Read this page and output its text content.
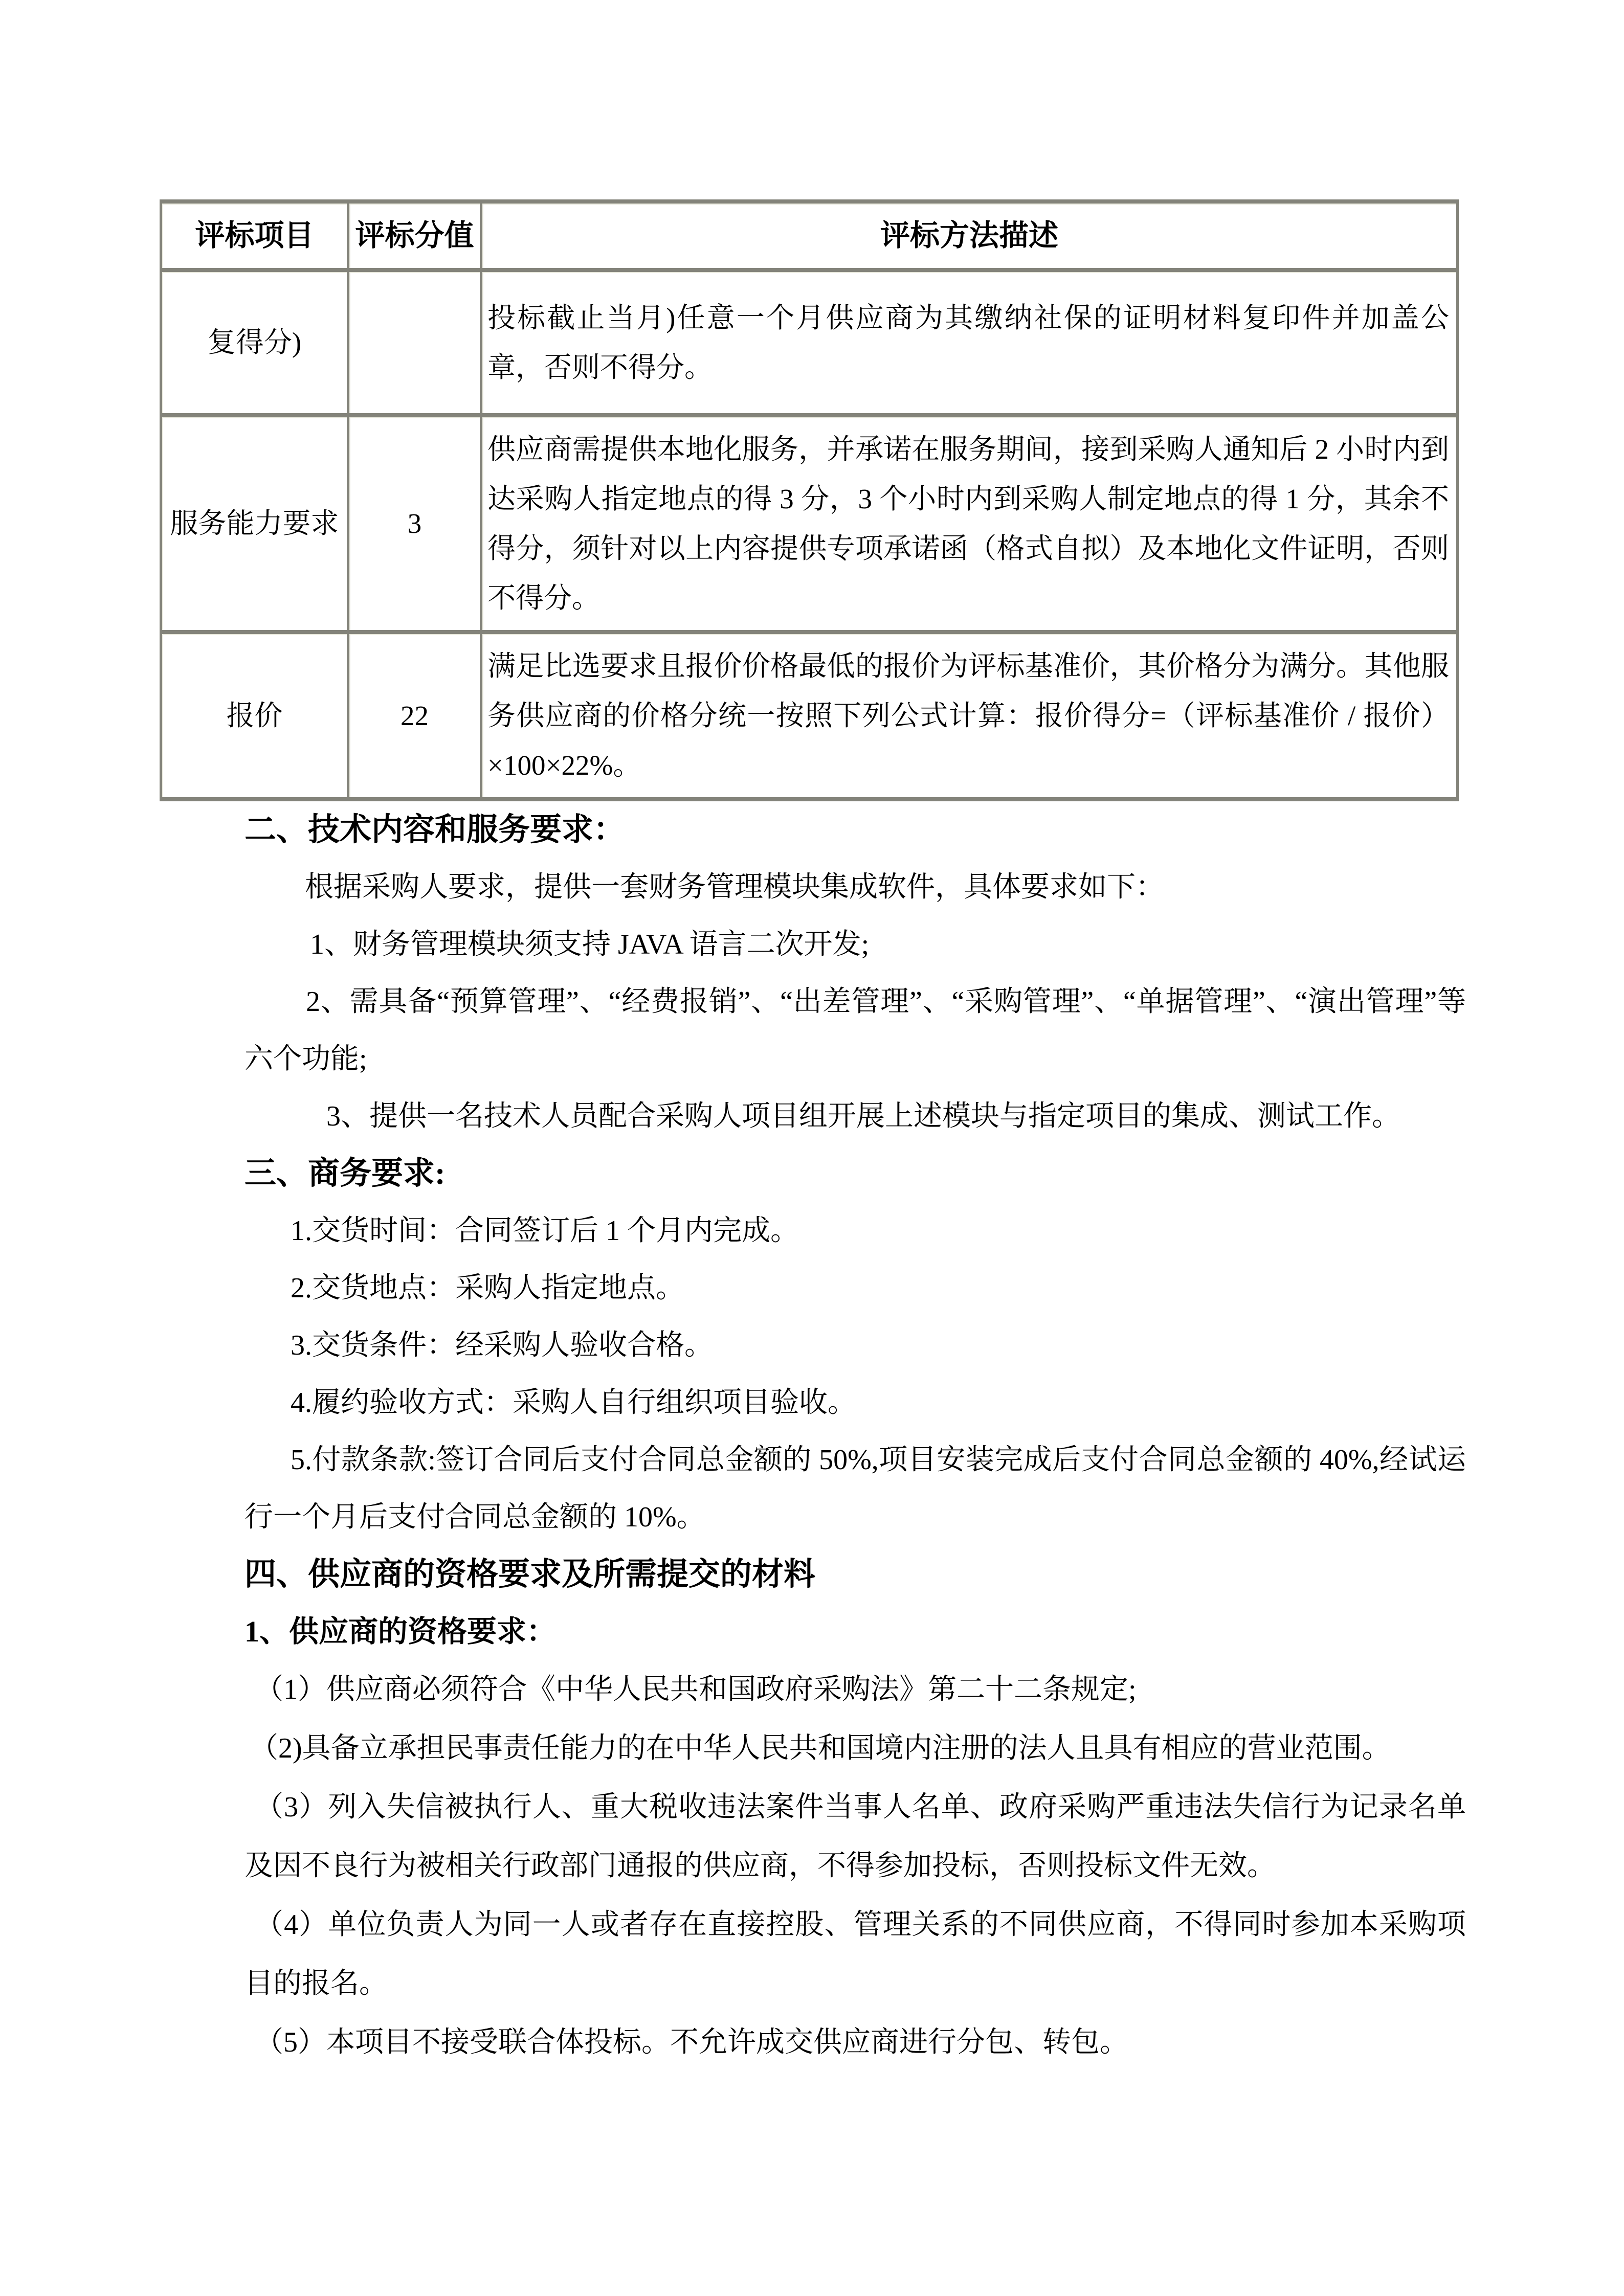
评标项目	评标分值	评标方法描述
复得分)		投标截止当月)任意一个月供应商为其缴纳社保的证明材料复印件并加盖公章，否则不得分。
服务能力要求	3	供应商需提供本地化服务，并承诺在服务期间，接到采购人通知后 2 小时内到达采购人指定地点的得 3 分，3 个小时内到采购人制定地点的得 1 分，其余不得分，须针对以上内容提供专项承诺函（格式自拟）及本地化文件证明，否则不得分。
报价	22	满足比选要求且报价价格最低的报价为评标基准价，其价格分为满分。其他服务供应商的价格分统一按照下列公式计算：报价得分=（评标基准价 / 报价）×100×22%。

二、技术内容和服务要求：

根据采购人要求，提供一套财务管理模块集成软件，具体要求如下：

1、财务管理模块须支持 JAVA 语言二次开发;

2、需具备“预算管理”、“经费报销”、“出差管理”、“采购管理”、“单据管理”、“演出管理”等六个功能;

3、提供一名技术人员配合采购人项目组开展上述模块与指定项目的集成、测试工作。

三、商务要求:

1.交货时间：合同签订后 1 个月内完成。

2.交货地点：采购人指定地点。

3.交货条件：经采购人验收合格。

4.履约验收方式：采购人自行组织项目验收。

5.付款条款:签订合同后支付合同总金额的 50%,项目安装完成后支付合同总金额的 40%,经试运行一个月后支付合同总金额的 10%。

四、供应商的资格要求及所需提交的材料

1、供应商的资格要求：

（1）供应商必须符合《中华人民共和国政府采购法》第二十二条规定;

（2)具备立承担民事责任能力的在中华人民共和国境内注册的法人且具有相应的营业范围。

（3）列入失信被执行人、重大税收违法案件当事人名单、政府采购严重违法失信行为记录名单及因不良行为被相关行政部门通报的供应商，不得参加投标，否则投标文件无效。

（4）单位负责人为同一人或者存在直接控股、管理关系的不同供应商，不得同时参加本采购项目的报名。

（5）本项目不接受联合体投标。不允许成交供应商进行分包、转包。
